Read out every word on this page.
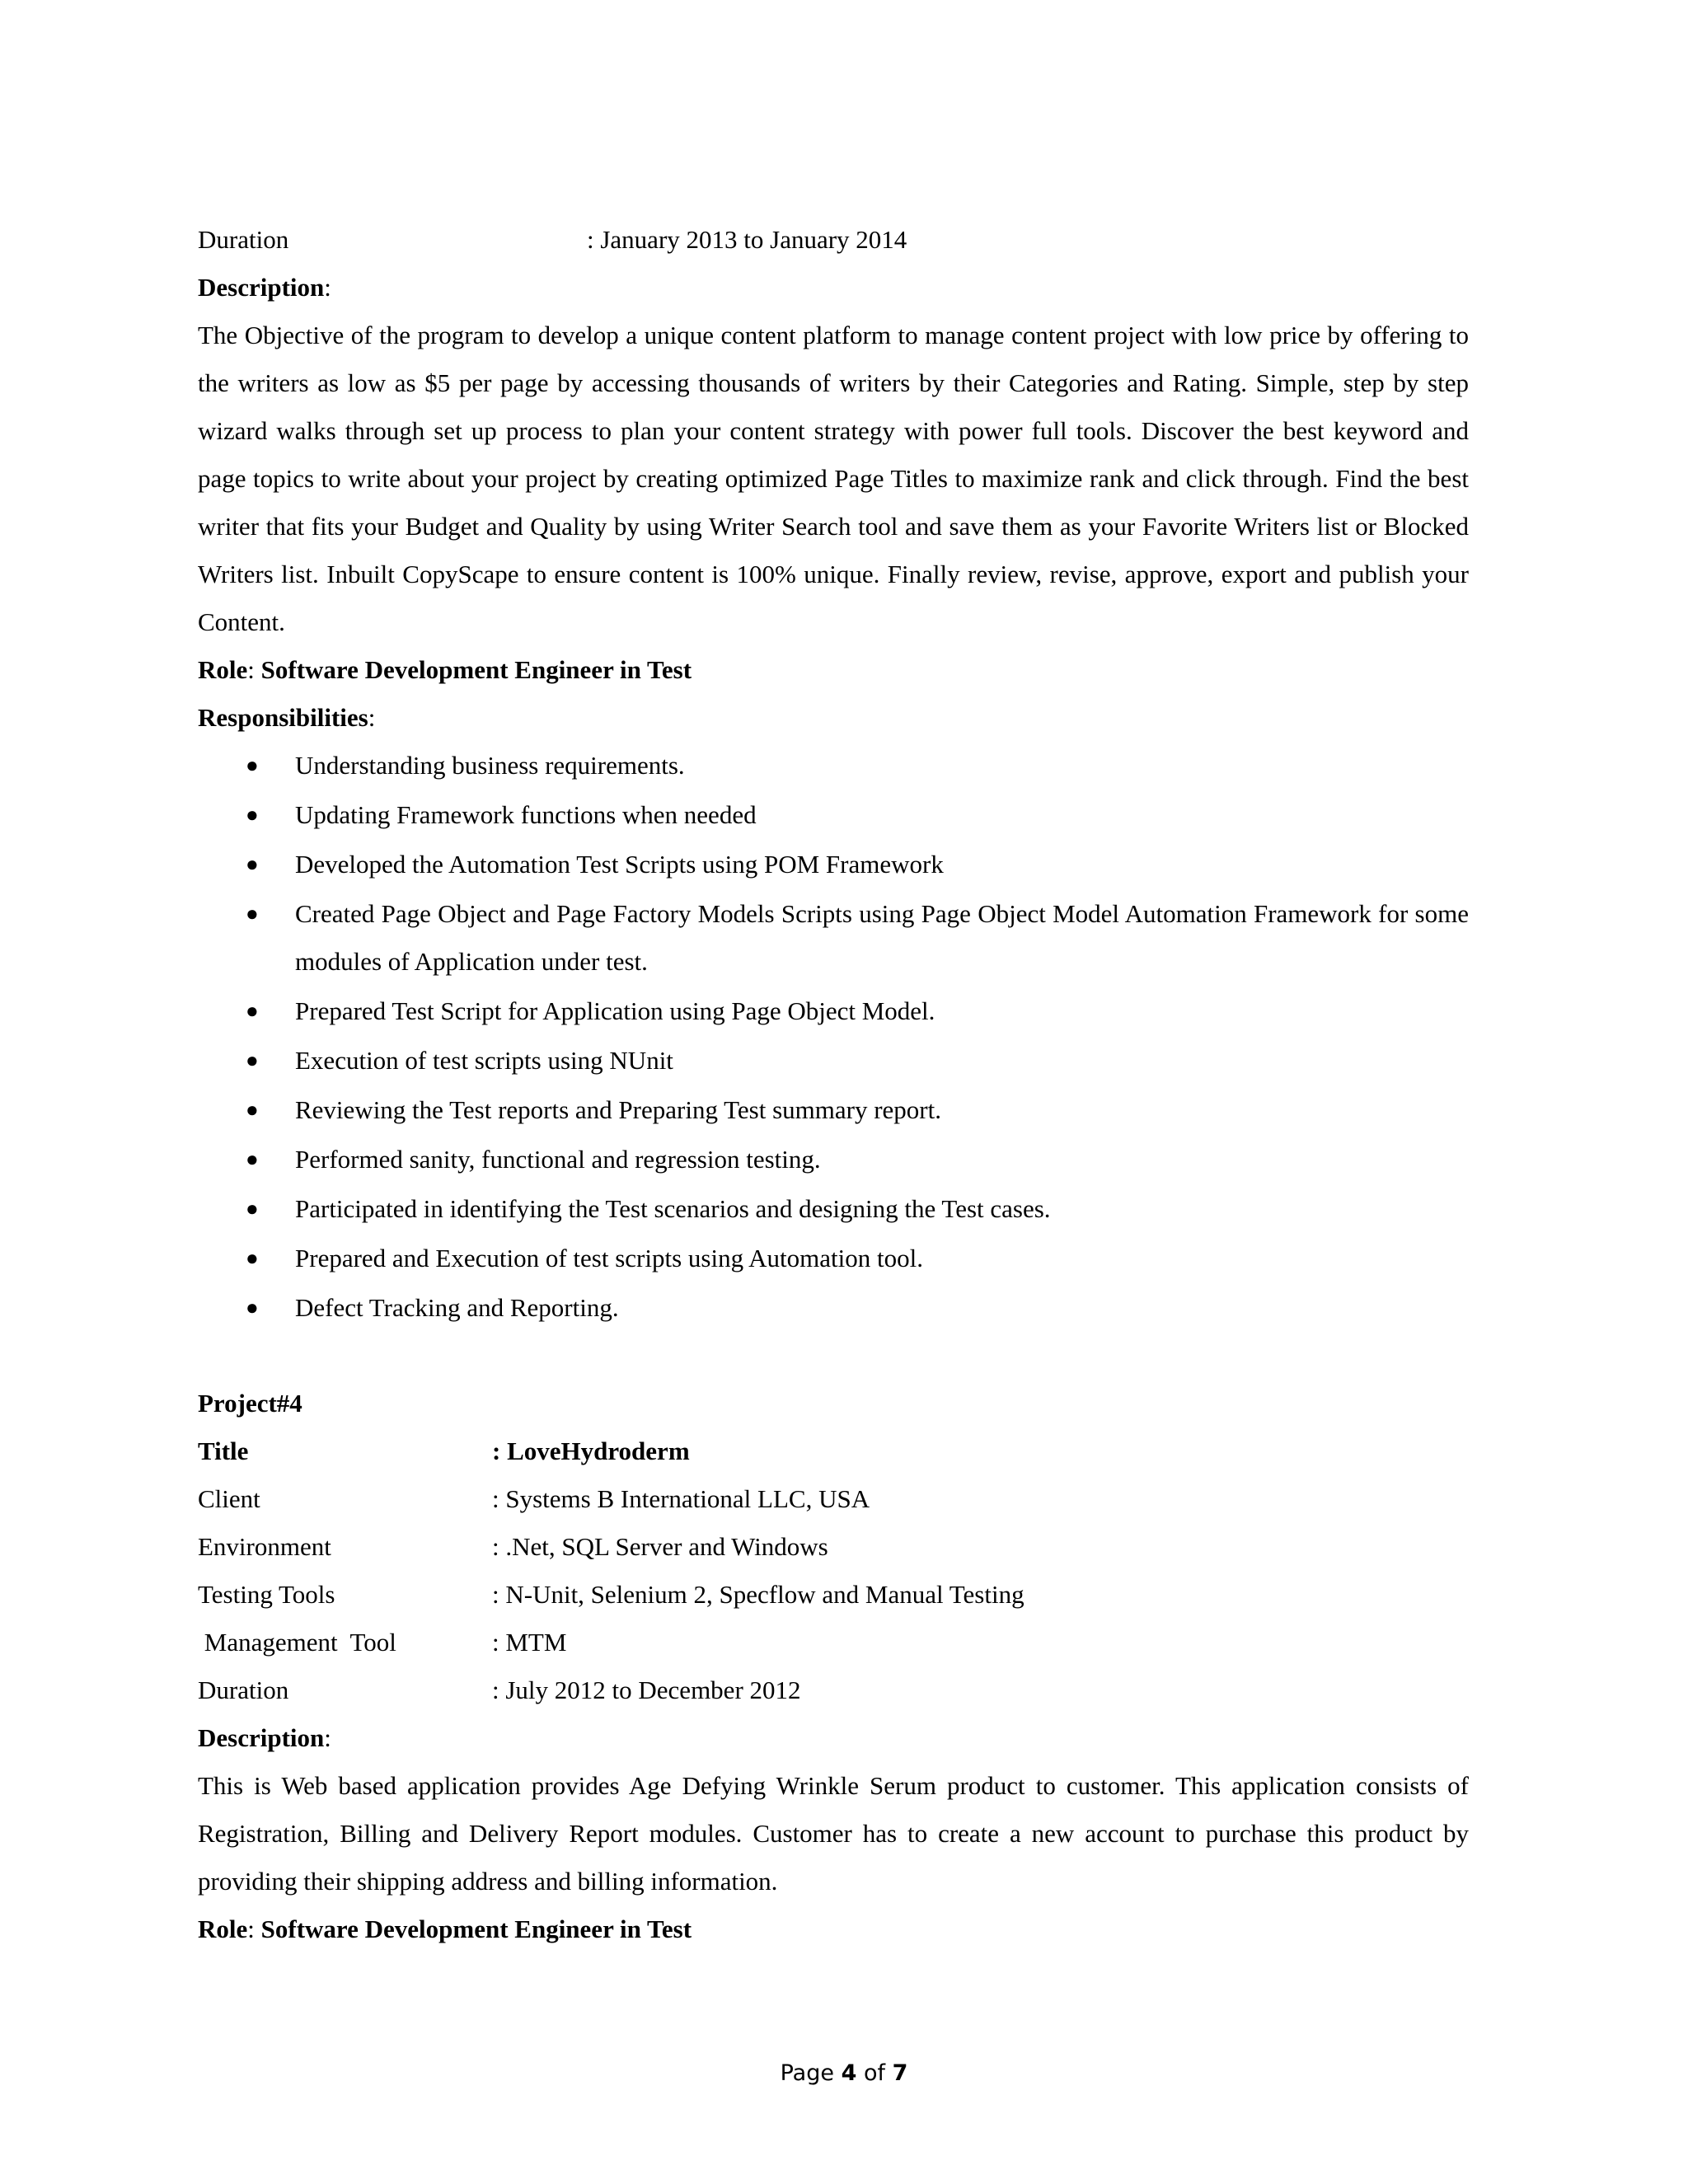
Duration	: January 2013 to January 2014
Description:

The Objective of the program to develop a unique content platform to manage content project with low price by offering to the writers as low as $5 per page by accessing thousands of writers by their Categories and Rating. Simple, step by step wizard walks through set up process to plan your content strategy with power full tools. Discover the best keyword and page topics to write about your project by creating optimized Page Titles to maximize rank and click through. Find the best writer that fits your Budget and Quality by using Writer Search tool and save them as your Favorite Writers list or Blocked Writers list. Inbuilt CopyScape to ensure content is 100% unique. Finally review, revise, approve, export and publish your Content.

Role: Software Development Engineer in Test
Responsibilities:
● Understanding business requirements.
● Updating Framework functions when needed
● Developed the Automation Test Scripts using POM Framework
● Created Page Object and Page Factory Models Scripts using Page Object Model Automation Framework for some modules of Application under test.
● Prepared Test Script for Application using Page Object Model.
● Execution of test scripts using NUnit
● Reviewing the Test reports and Preparing Test summary report.
● Performed sanity, functional and regression testing.
● Participated in identifying the Test scenarios and designing the Test cases.
● Prepared and Execution of test scripts using Automation tool.
● Defect Tracking and Reporting.
Project#4
Title	: LoveHydroderm
Client	: Systems B International LLC, USA
Environment	: .Net, SQL Server and Windows
Testing Tools	: N-Unit, Selenium 2, Specflow and Manual Testing
Management  Tool	: MTM
Duration	: July 2012 to December 2012
Description:

This is Web based application provides Age Defying Wrinkle Serum product to customer. This application consists of Registration, Billing and Delivery Report modules. Customer has to create a new account to purchase this product by providing their shipping address and billing information.

Role: Software Development Engineer in Test
Page 4 of 7
